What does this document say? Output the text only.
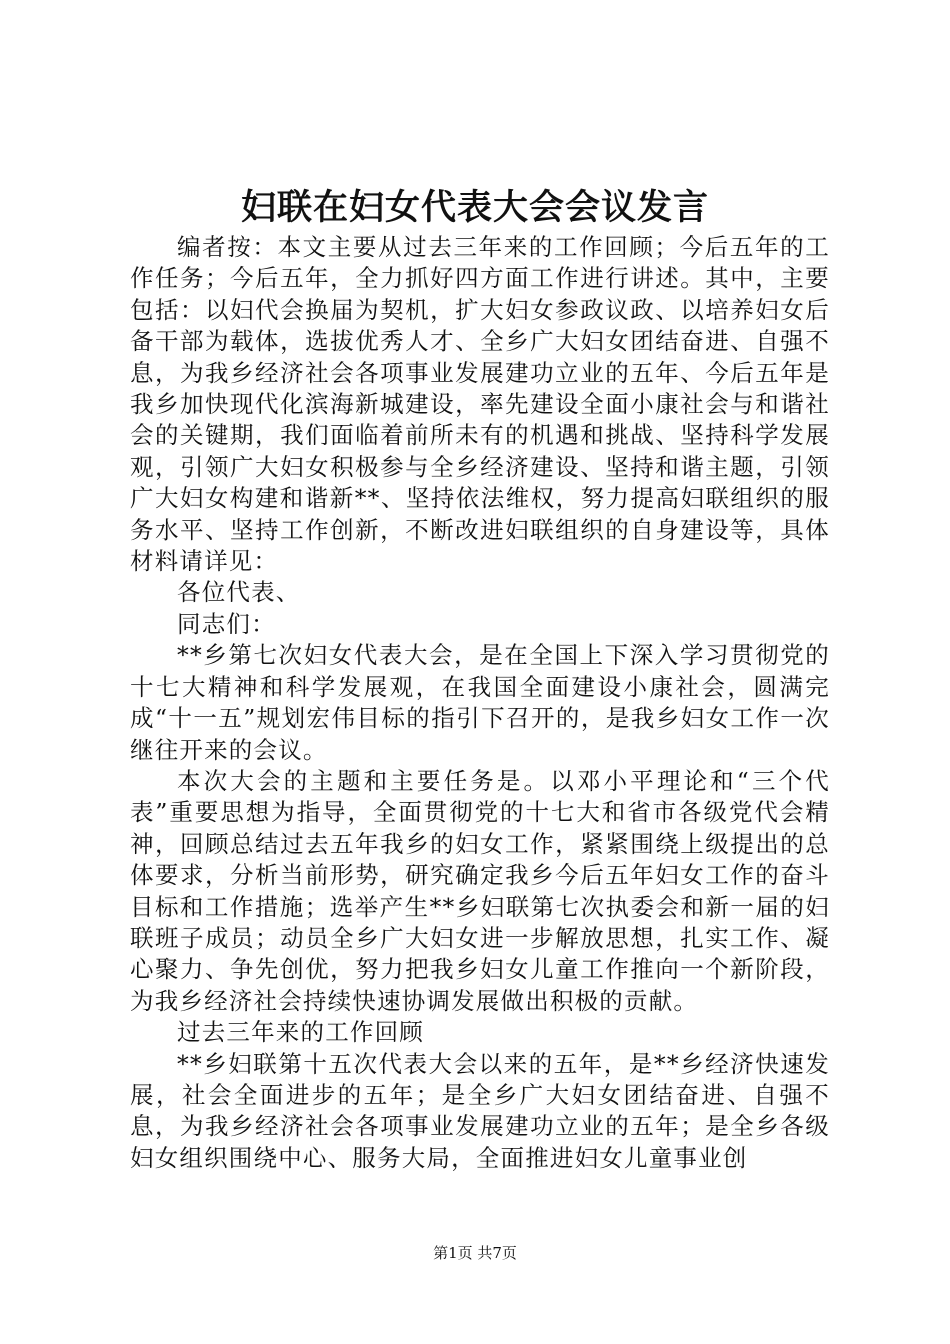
妇联在妇女代表大会会议发言

编者按：本文主要从过去三年来的工作回顾；今后五年的工作任务；今后五年，全力抓好四方面工作进行讲述。其中，主要包括：以妇代会换届为契机，扩大妇女参政议政、以培养妇女后备干部为载体，选拔优秀人才、全乡广大妇女团结奋进、自强不息，为我乡经济社会各项事业发展建功立业的五年、今后五年是我乡加快现代化滨海新城建设，率先建设全面小康社会与和谐社会的关键期，我们面临着前所未有的机遇和挑战、坚持科学发展观，引领广大妇女积极参与全乡经济建设、坚持和谐主题，引领广大妇女构建和谐新**、坚持依法维权，努力提高妇联组织的服务水平、坚持工作创新，不断改进妇联组织的自身建设等，具体材料请详见：

各位代表、

同志们：

**乡第七次妇女代表大会，是在全国上下深入学习贯彻党的十七大精神和科学发展观，在我国全面建设小康社会，圆满完成“十一五”规划宏伟目标的指引下召开的，是我乡妇女工作一次继往开来的会议。

本次大会的主题和主要任务是。以邓小平理论和“三个代表”重要思想为指导，全面贯彻党的十七大和省市各级党代会精神，回顾总结过去五年我乡的妇女工作，紧紧围绕上级提出的总体要求，分析当前形势，研究确定我乡今后五年妇女工作的奋斗目标和工作措施；选举产生**乡妇联第七次执委会和新一届的妇联班子成员；动员全乡广大妇女进一步解放思想，扎实工作、凝心聚力、争先创优，努力把我乡妇女儿童工作推向一个新阶段，为我乡经济社会持续快速协调发展做出积极的贡献。

过去三年来的工作回顾

**乡妇联第十五次代表大会以来的五年，是**乡经济快速发展，社会全面进步的五年；是全乡广大妇女团结奋进、自强不息，为我乡经济社会各项事业发展建功立业的五年；是全乡各级妇女组织围绕中心、服务大局，全面推进妇女儿童事业创

第1页 共7页
